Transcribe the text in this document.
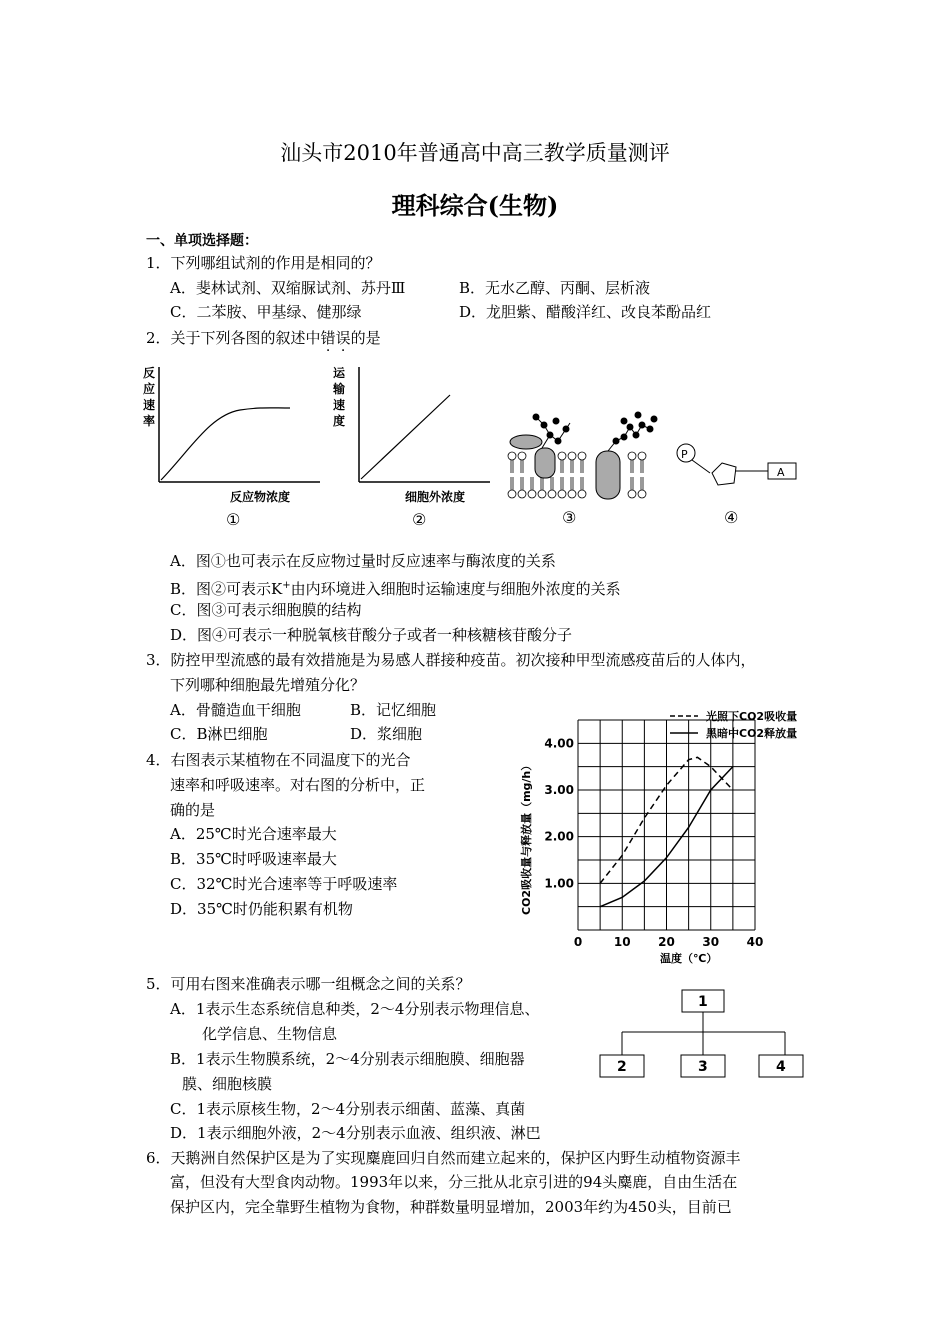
汕头市2010年普通高中高三教学质量测评
理科综合(生物)
一、单项选择题：
1．下列哪组试剂的作用是相同的？
A．斐林试剂、双缩脲试剂、苏丹Ⅲ	B．无水乙醇、丙酮、层析液
C．二苯胺、甲基绿、健那绿	D．龙胆紫、醋酸洋红、改良苯酚品红
2．关于下列各图的叙述中错误的是
反
应
速
率
反应物浓度
①
运
输
速
度
细胞外浓度
②	③
P
A
④
A．图①也可表示在反应物过量时反应速率与酶浓度的关系
B．图②可表示K+由内环境进入细胞时运输速度与细胞外浓度的关系
C．图③可表示细胞膜的结构
D．图④可表示一种脱氧核苷酸分子或者一种核糖核苷酸分子
3．防控甲型流感的最有效措施是为易感人群接种疫苗。初次接种甲型流感疫苗后的人体内，
下列哪种细胞最先增殖分化？
A．骨髓造血干细胞	B．记忆细胞
C．B淋巴细胞	D．浆细胞
4．右图表示某植物在不同温度下的光合
速率和呼吸速率。对右图的分析中，正
确的是
A．25℃时光合速率最大
B．35℃时呼吸速率最大
C．32℃时光合速率等于呼吸速率
D．35℃时仍能积累有机物
0	10 20 30 40
1.00
2.00
3.00
4.00
光照下CO2吸收量
黑暗中CO2释放量
温度（℃）
CO2吸收量与释放量（mg/h）
5．可用右图来准确表示哪一组概念之间的关系？
A．1表示生态系统信息种类，2～4分别表示物理信息、
化学信息、生物信息
B．1表示生物膜系统，2～4分别表示细胞膜、细胞器
膜、细胞核膜
C．1表示原核生物，2～4分别表示细菌、蓝藻、真菌
D．1表示细胞外液，2～4分别表示血液、组织液、淋巴
1
2	3	4
6．天鹅洲自然保护区是为了实现麋鹿回归自然而建立起来的，保护区内野生动植物资源丰
富，但没有大型食肉动物。1993年以来，分三批从北京引进的94头麋鹿，自由生活在
保护区内，完全靠野生植物为食物，种群数量明显增加，2003年约为450头，目前已
